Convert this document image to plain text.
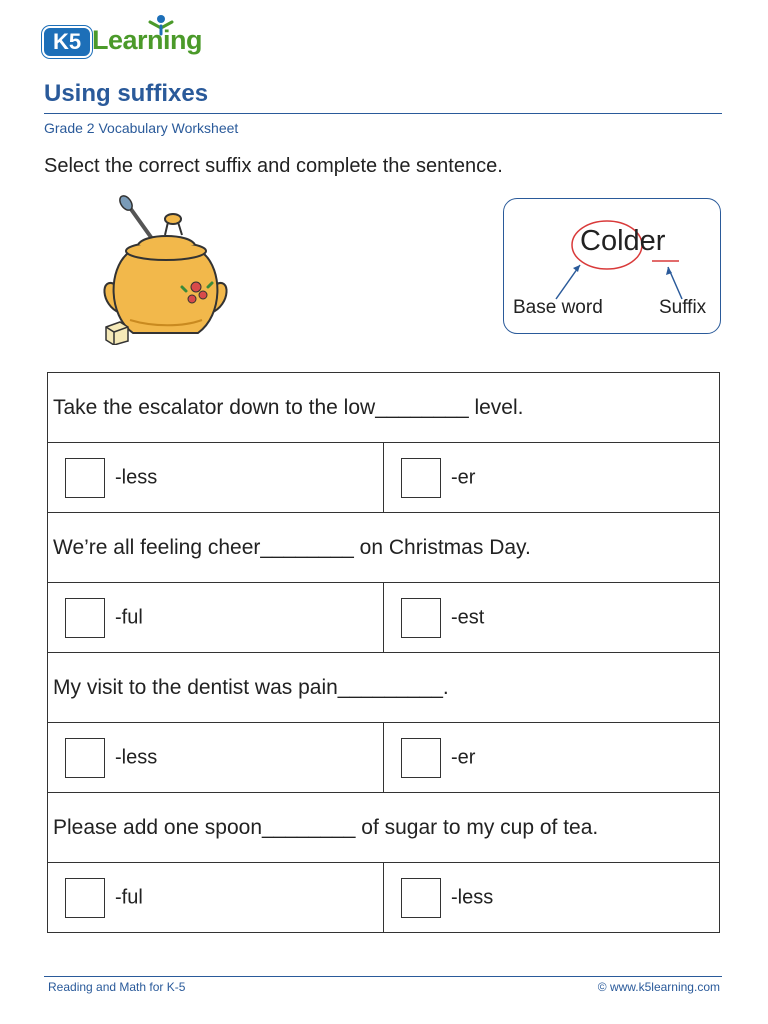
K5 Learning
Using suffixes
Grade 2 Vocabulary Worksheet
Select the correct suffix and complete the sentence.
Colder
Base word	Suffix
Take the escalator down to the low________ level.	
-less	-er
We’re all feeling cheer________ on Christmas Day.	
-ful	-est
My visit to the dentist was pain_________.	
-less	-er
Please add one spoon________ of sugar to my cup of tea.	
-ful	-less
Reading and Math for K-5	© www.k5learning.com
